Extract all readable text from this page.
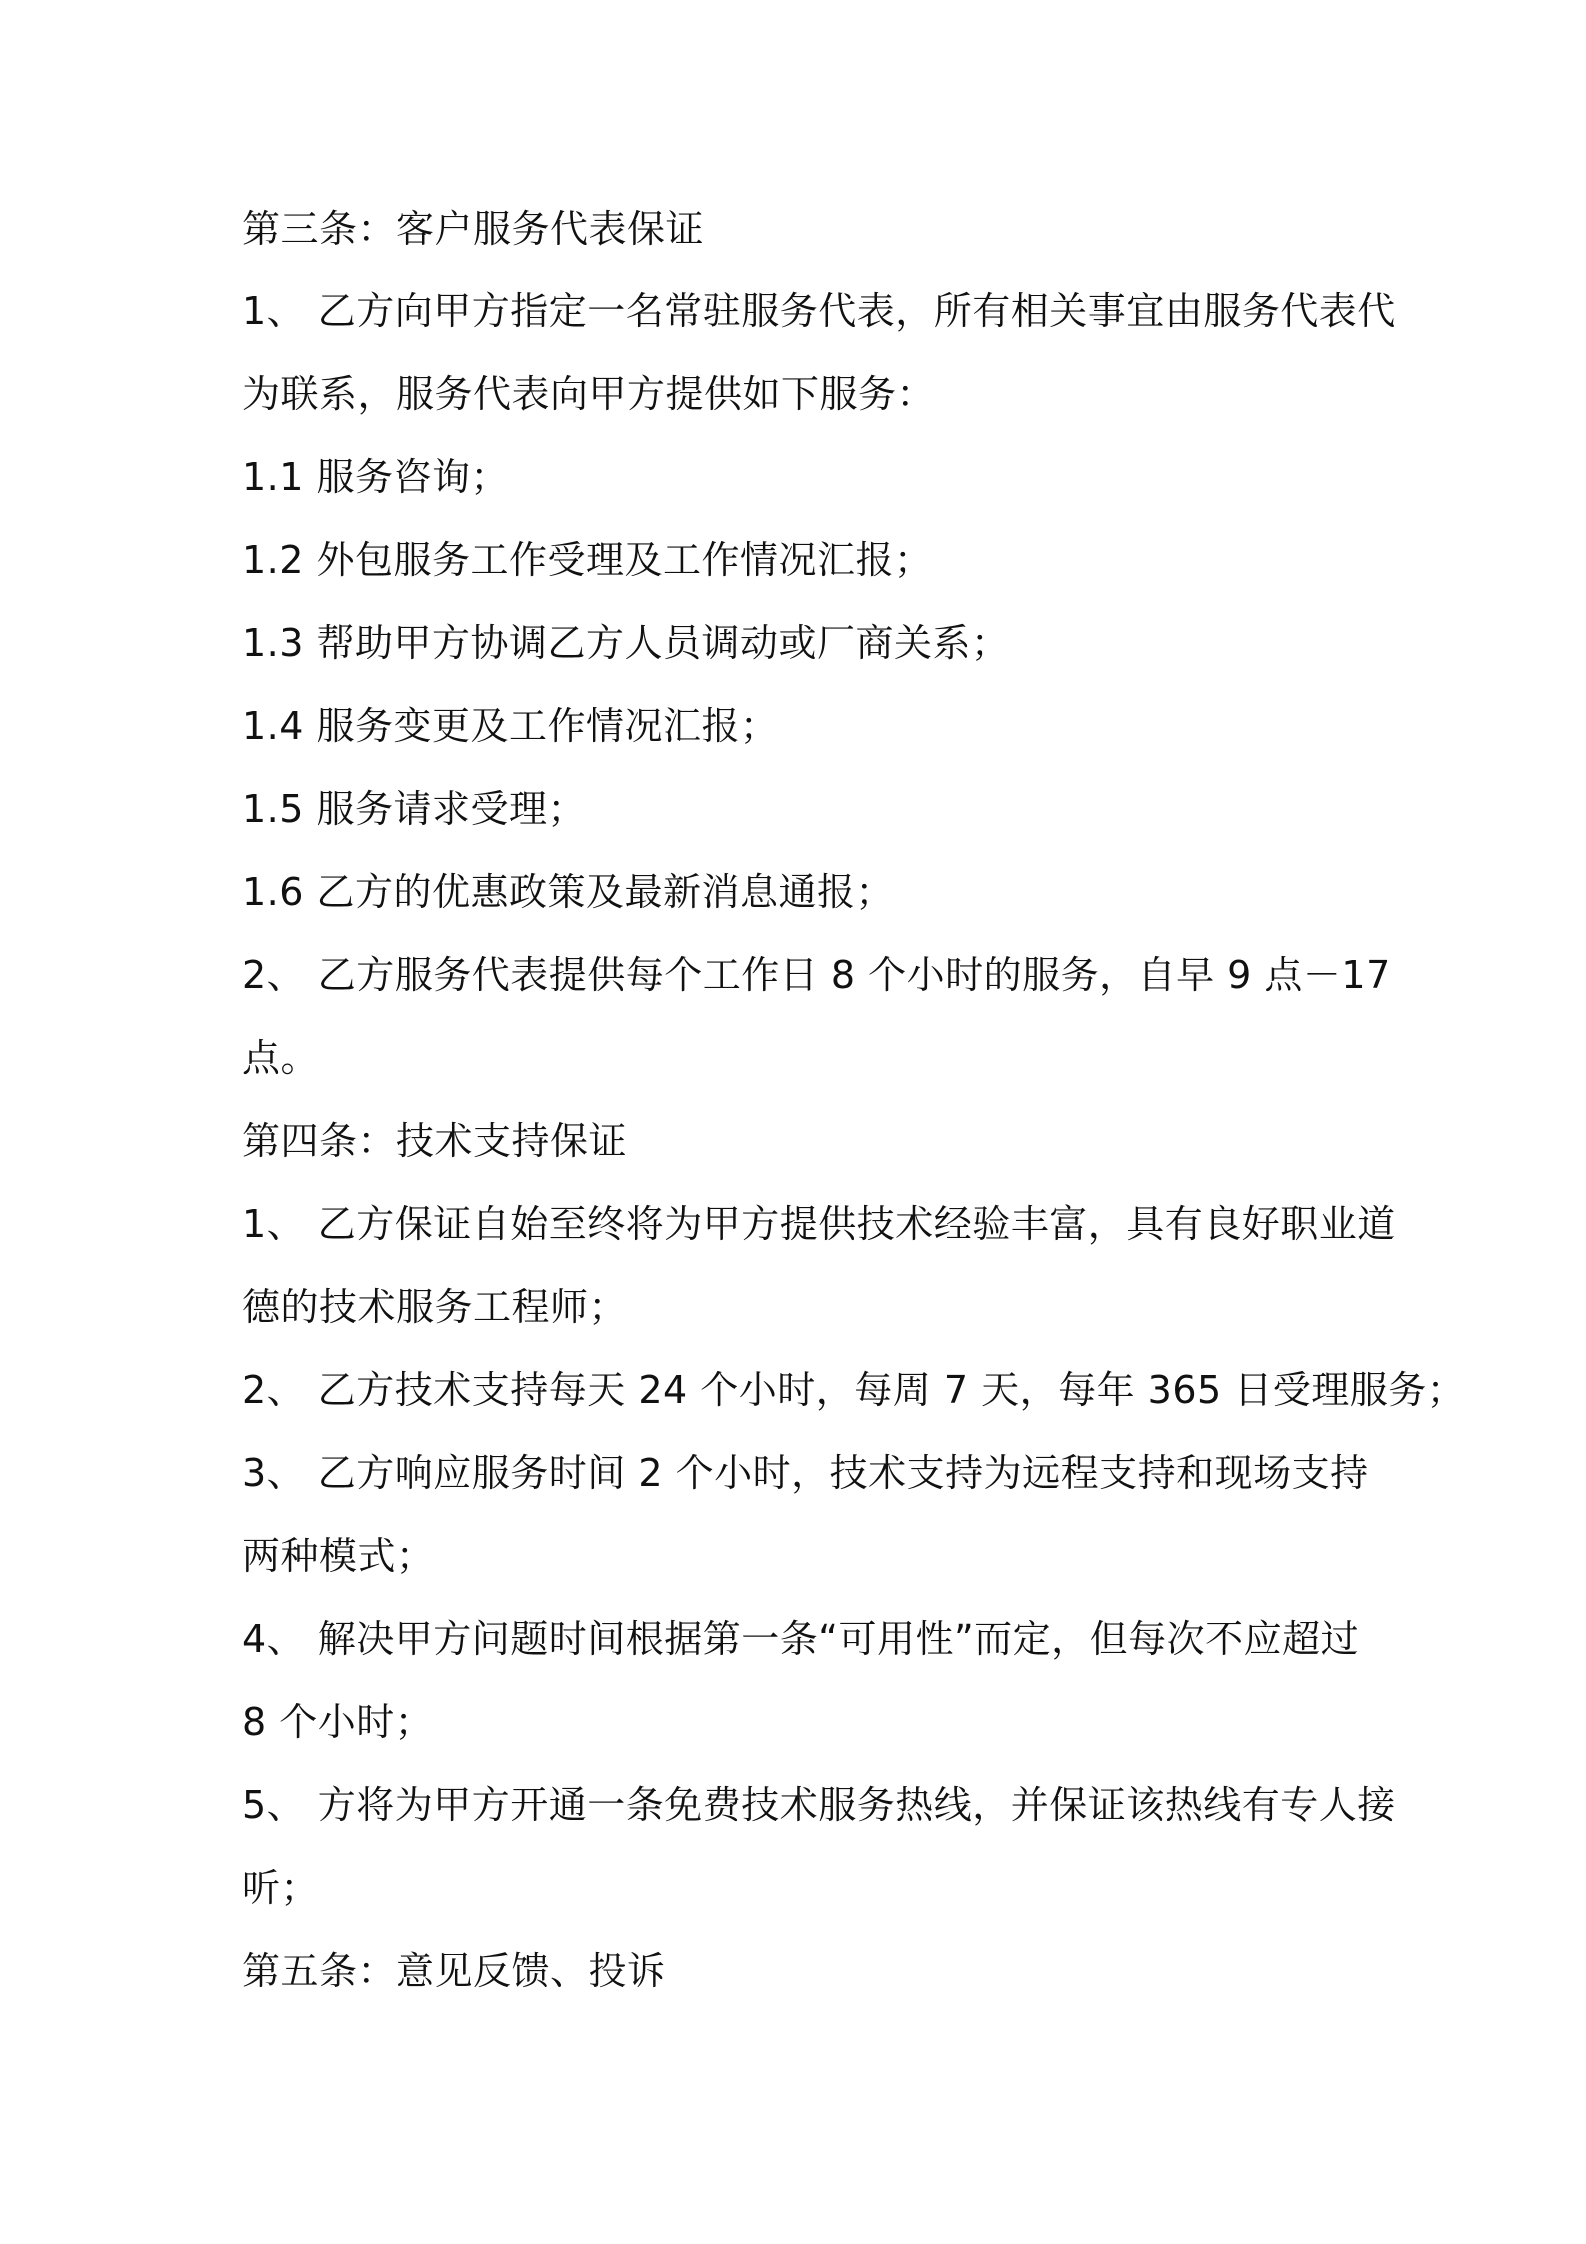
第三条：客户服务代表保证
1、 乙方向甲方指定一名常驻服务代表，所有相关事宜由服务代表代
为联系，服务代表向甲方提供如下服务：
1.1 服务咨询；
1.2 外包服务工作受理及工作情况汇报；
1.3 帮助甲方协调乙方人员调动或厂商关系；
1.4 服务变更及工作情况汇报；
1.5 服务请求受理；
1.6 乙方的优惠政策及最新消息通报；
2、 乙方服务代表提供每个工作日 8 个小时的服务，自早 9 点－17
点。
第四条：技术支持保证
1、 乙方保证自始至终将为甲方提供技术经验丰富，具有良好职业道
德的技术服务工程师；
2、 乙方技术支持每天 24 个小时，每周 7 天，每年 365 日受理服务；
3、 乙方响应服务时间 2 个小时，技术支持为远程支持和现场支持
两种模式；
4、 解决甲方问题时间根据第一条“可用性”而定，但每次不应超过
8 个小时；
5、 方将为甲方开通一条免费技术服务热线，并保证该热线有专人接
听；
第五条：意见反馈、投诉
